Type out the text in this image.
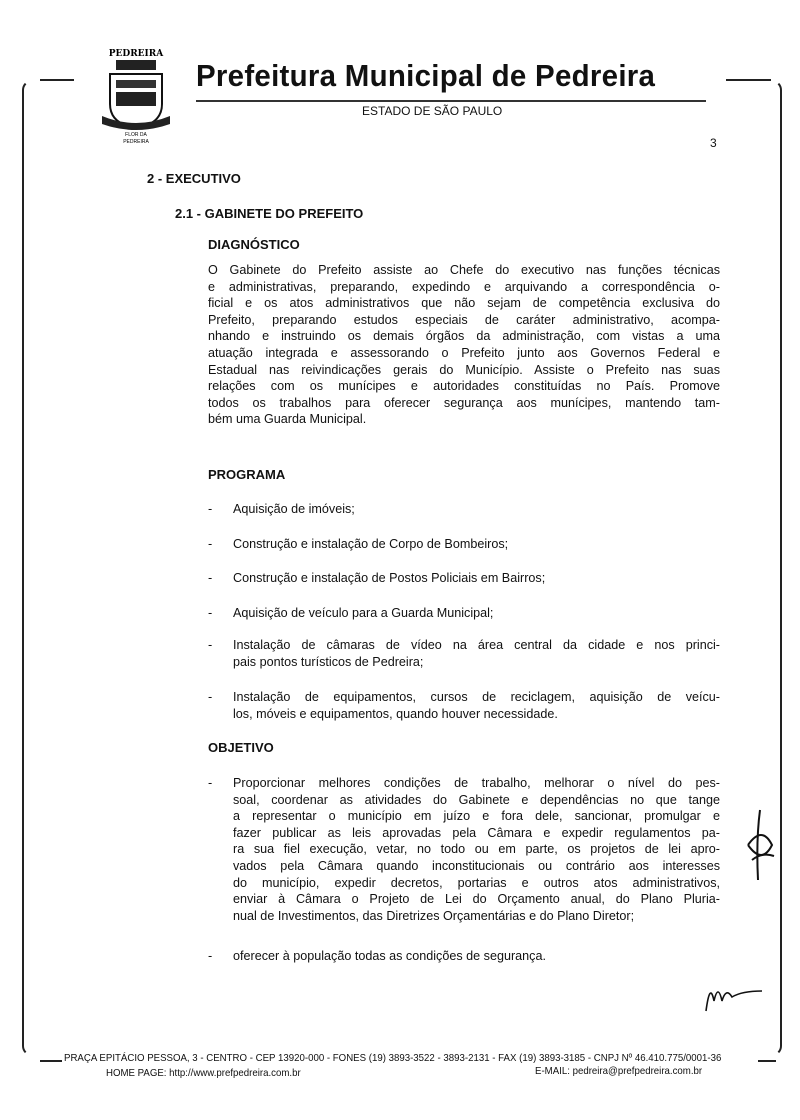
PEDREIRA
FLOR DA
PEDREIRA
Prefeitura Municipal de Pedreira
ESTADO DE SÃO PAULO
3
2 - EXECUTIVO
2.1 - GABINETE DO PREFEITO
DIAGNÓSTICO
O Gabinete do Prefeito assiste ao Chefe do executivo nas funções técnicas
e administrativas, preparando, expedindo e arquivando a correspondência o-
ficial e os atos administrativos que não sejam de competência exclusiva do
Prefeito, preparando estudos especiais de caráter administrativo, acompa-
nhando e instruindo os demais órgãos da administração, com vistas a uma
atuação integrada e assessorando o Prefeito junto aos Governos Federal e
Estadual nas reivindicações gerais do Município. Assiste o Prefeito nas suas
relações com os munícipes e autoridades constituídas no País. Promove
todos os trabalhos para oferecer segurança aos munícipes, mantendo tam-
bém uma Guarda Municipal.
PROGRAMA
- Aquisição de imóveis;
- Construção e instalação de Corpo de Bombeiros;
- Construção e instalação de Postos Policiais em Bairros;
- Aquisição de veículo para a Guarda Municipal;
- Instalação de câmaras de vídeo na área central da cidade e nos princi-
pais pontos turísticos de Pedreira;
- Instalação de equipamentos, cursos de reciclagem, aquisição de veícu-
los, móveis e equipamentos, quando houver necessidade.
OBJETIVO
- Proporcionar melhores condições de trabalho, melhorar o nível do pes-
soal, coordenar as atividades do Gabinete e dependências no que tange
a representar o município em juízo e fora dele, sancionar, promulgar e
fazer publicar as leis aprovadas pela Câmara e expedir regulamentos pa-
ra sua fiel execução, vetar, no todo ou em parte, os projetos de lei apro-
vados pela Câmara quando inconstitucionais ou contrário aos interesses
do município, expedir decretos, portarias e outros atos administrativos,
enviar à Câmara o Projeto de Lei do Orçamento anual, do Plano Pluria-
nual de Investimentos, das Diretrizes Orçamentárias e do Plano Diretor;
- oferecer à população todas as condições de segurança.
PRAÇA EPITÁCIO PESSOA, 3 - CENTRO - CEP 13920-000 - FONES (19) 3893-3522 - 3893-2131 - FAX (19) 3893-3185 - CNPJ Nº 46.410.775/0001-36
HOME PAGE: http://www.prefpedreira.com.br	E-MAIL: pedreira@prefpedreira.com.br
